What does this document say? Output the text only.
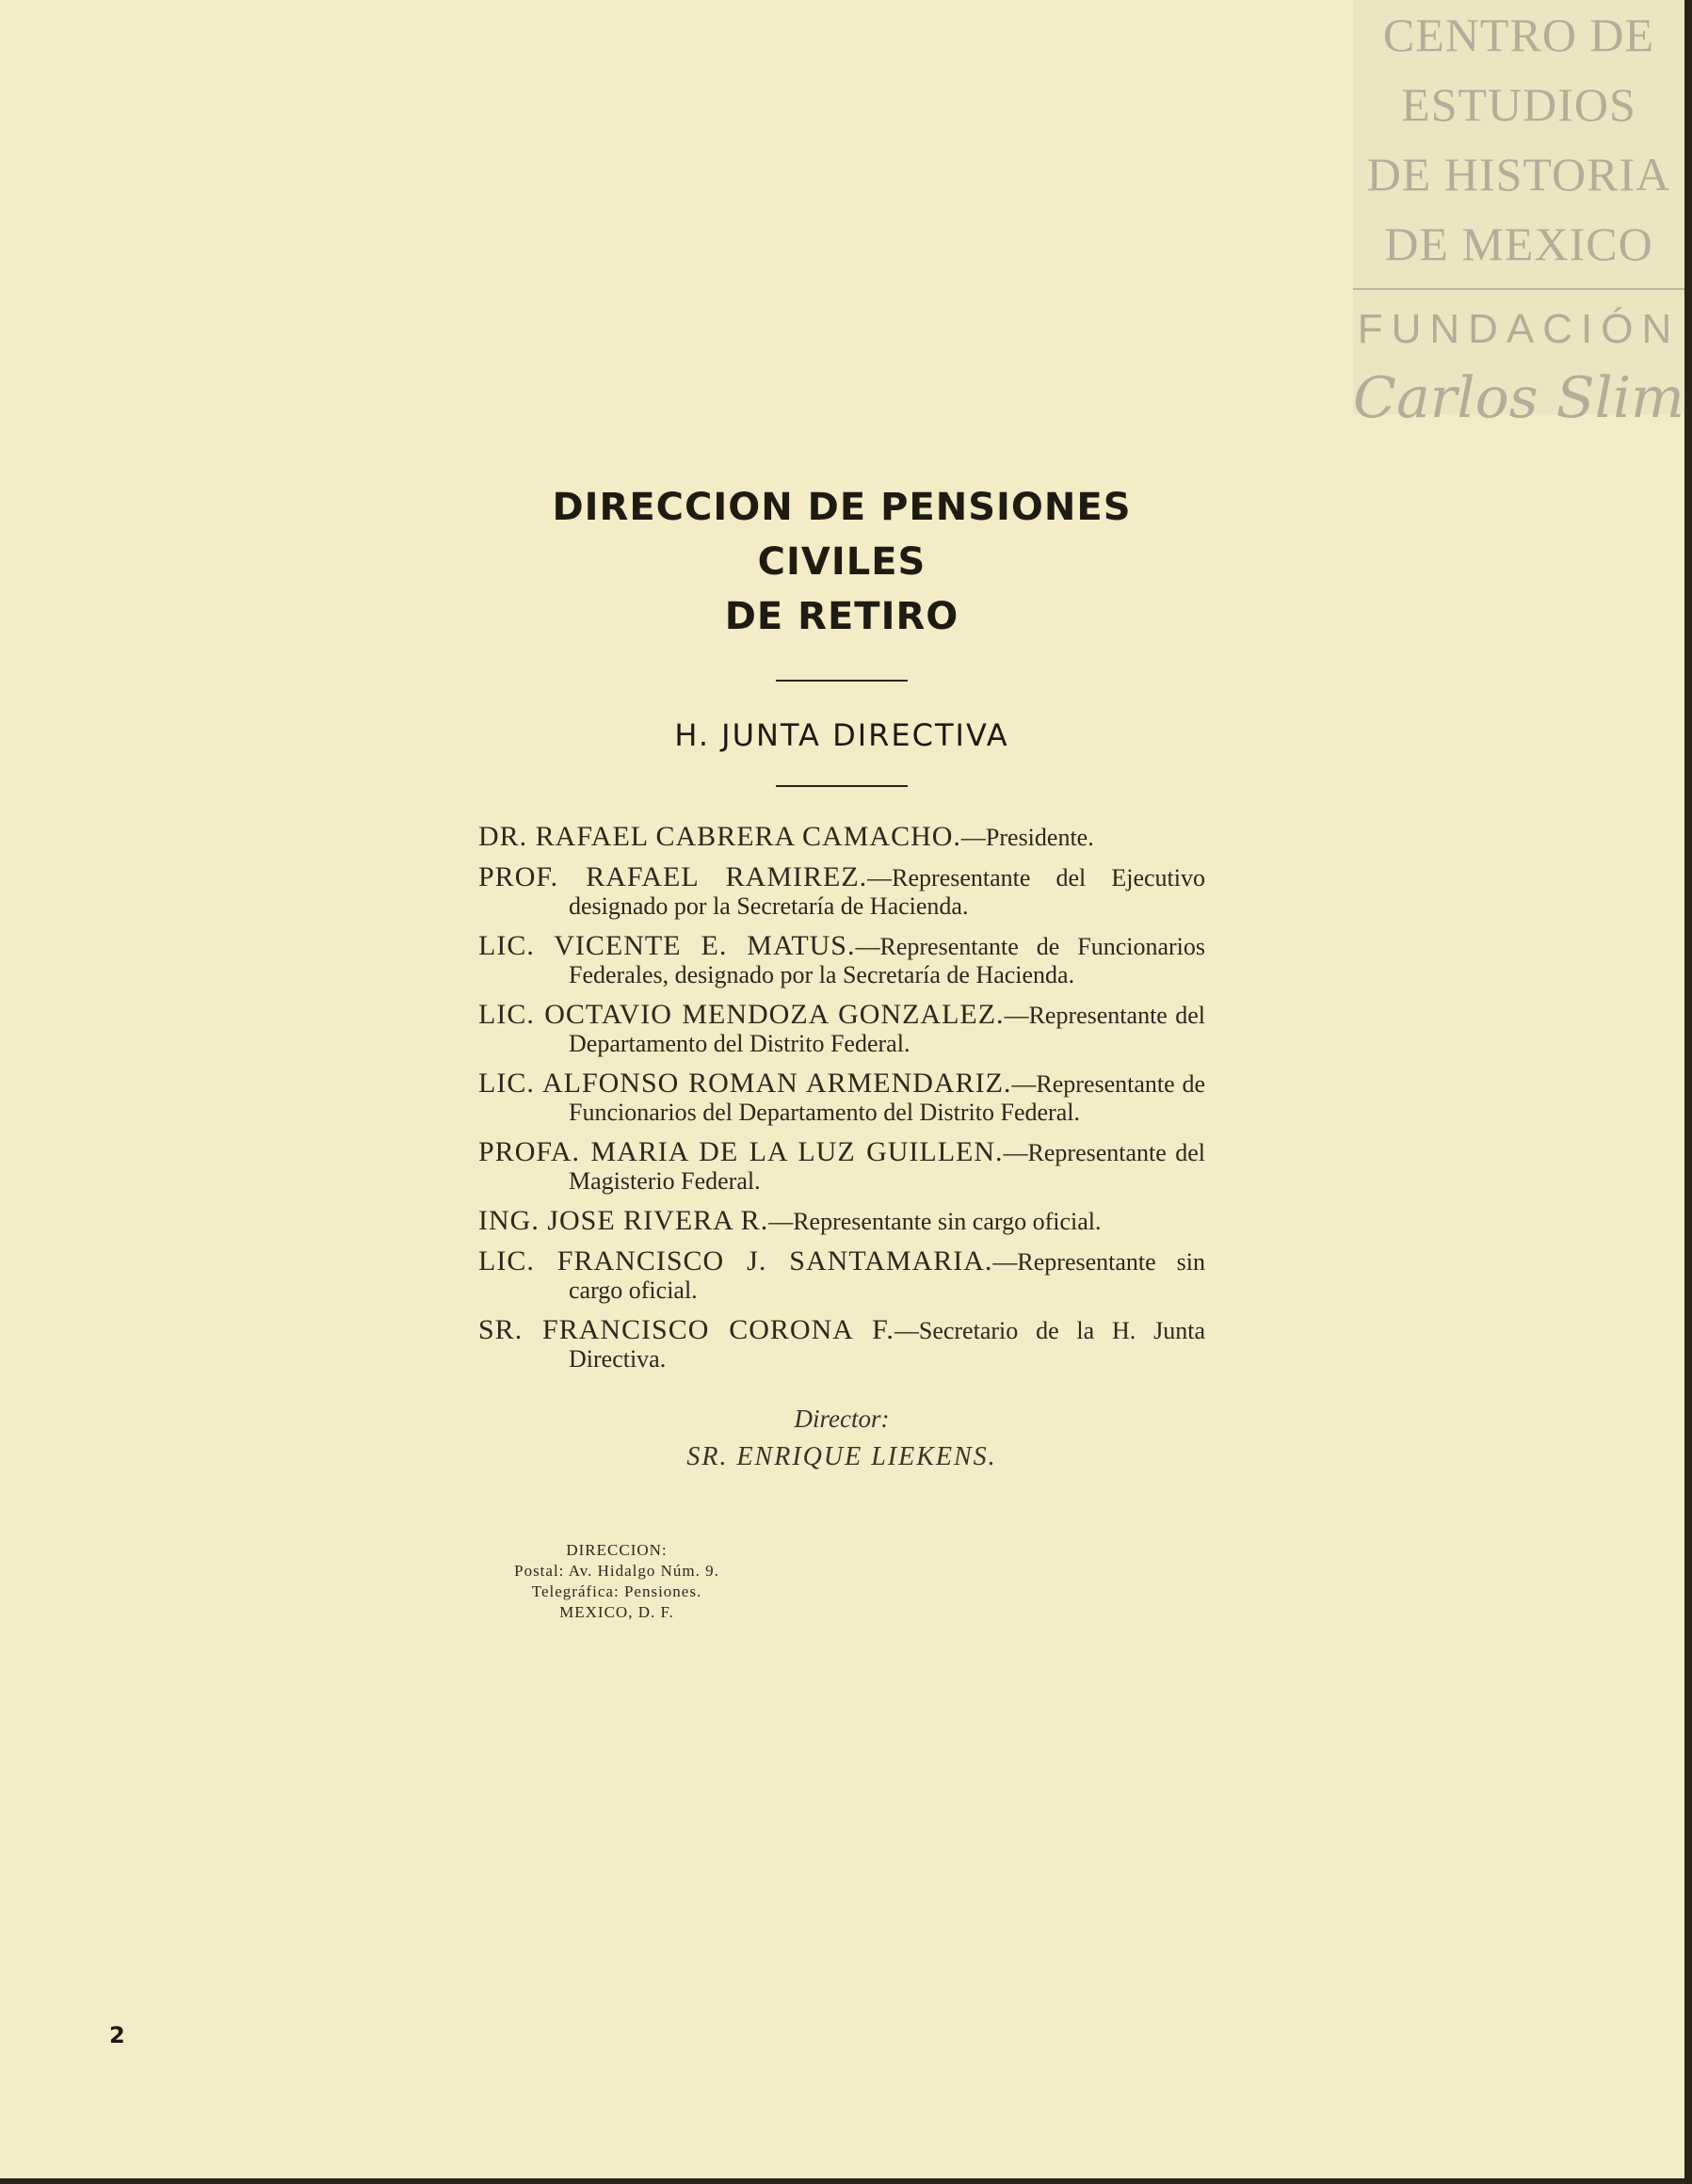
CENTRO DE
ESTUDIOS
DE HISTORIA
DE MEXICO
FUNDACIÓN
Carlos Slim
DIRECCION DE PENSIONES CIVILES
DE RETIRO
H. JUNTA DIRECTIVA
DR. RAFAEL CABRERA CAMACHO.—Presidente.
PROF. RAFAEL RAMIREZ.—Representante del Ejecutivo designado por la Secretaría de Hacienda.
LIC. VICENTE E. MATUS.—Representante de Funcionarios Federales, designado por la Secretaría de Hacienda.
LIC. OCTAVIO MENDOZA GONZALEZ.—Representante del Departamento del Distrito Federal.
LIC. ALFONSO ROMAN ARMENDARIZ.—Representante de Funcionarios del Departamento del Distrito Federal.
PROFA. MARIA DE LA LUZ GUILLEN.—Representante del Magisterio Federal.
ING. JOSE RIVERA R.—Representante sin cargo oficial.
LIC. FRANCISCO J. SANTAMARIA.—Representante sin cargo oficial.
SR. FRANCISCO CORONA F.—Secretario de la H. Junta Directiva.
Director:
SR. ENRIQUE LIEKENS.
DIRECCION:
Postal: Av. Hidalgo Núm. 9.
Telegráfica: Pensiones.
MEXICO, D. F.
2
